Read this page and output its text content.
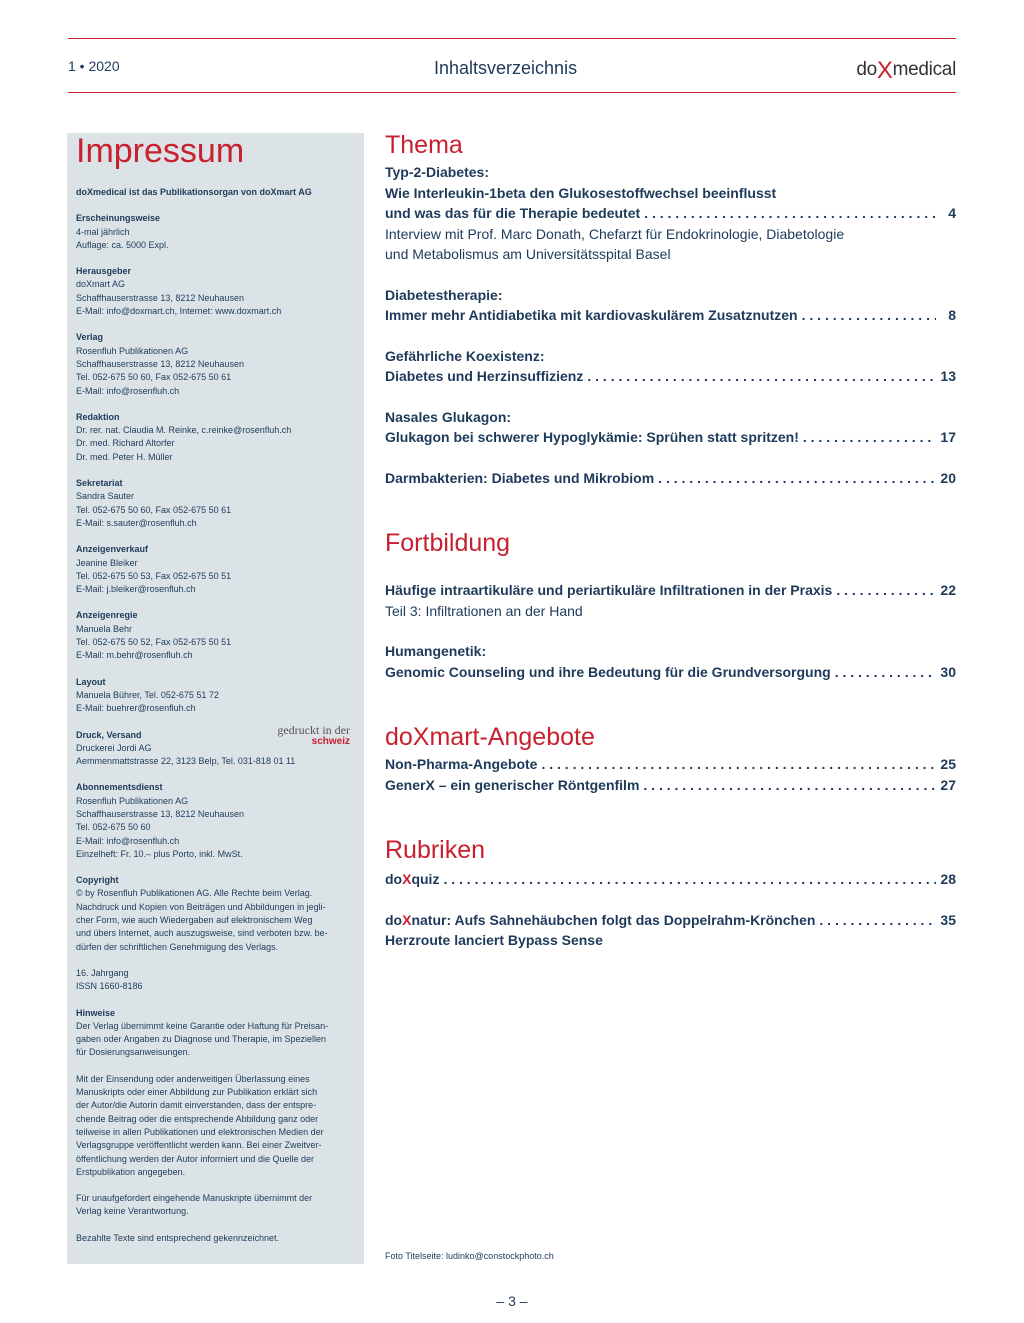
1 • 2020	Inhaltsverzeichnis	doXmedical
Impressum
doXmedical ist das Publikationsorgan von doXmart AG
Erscheinungsweise
4-mal jährlich
Auflage: ca. 5000 Expl.
Herausgeber
doXmart AG
Schaffhauserstrasse 13, 8212 Neuhausen
E-Mail: info@doxmart.ch, Internet: www.doxmart.ch
Verlag
Rosenfluh Publikationen AG
Schaffhauserstrasse 13, 8212 Neuhausen
Tel. 052-675 50 60, Fax 052-675 50 61
E-Mail: info@rosenfluh.ch
Redaktion
Dr. rer. nat. Claudia M. Reinke, c.reinke@rosenfluh.ch
Dr. med. Richard Altorfer
Dr. med. Peter H. Müller
Sekretariat
Sandra Sauter
Tel. 052-675 50 60, Fax 052-675 50 61
E-Mail: s.sauter@rosenfluh.ch
Anzeigenverkauf
Jeanine Bleiker
Tel. 052-675 50 53, Fax 052-675 50 51
E-Mail: j.bleiker@rosenfluh.ch
Anzeigenregie
Manuela Behr
Tel. 052-675 50 52, Fax 052-675 50 51
E-Mail: m.behr@rosenfluh.ch
Layout
Manuela Bührer, Tel. 052-675 51 72
E-Mail: buehrer@rosenfluh.ch
Druck, Versand
Druckerei Jordi AG
Aemmenmattstrasse 22, 3123 Belp, Tel. 031-818 01 11
Abonnementsdienst
Rosenfluh Publikationen AG
Schaffhauserstrasse 13, 8212 Neuhausen
Tel. 052-675 50 60
E-Mail: info@rosenfluh.ch
Einzelheft: Fr. 10.– plus Porto, inkl. MwSt.
Copyright
© by Rosenfluh Publikationen AG. Alle Rechte beim Verlag.
Nachdruck und Kopien von Beiträgen und Abbildungen in jegli-
cher Form, wie auch Wiedergaben auf elektronischem Weg
und übers Internet, auch auszugsweise, sind verboten bzw. be-
dürfen der schriftlichen Genehmigung des Verlags.
16. Jahrgang
ISSN 1660-8186
Hinweise
Der Verlag übernimmt keine Garantie oder Haftung für Preisan-
gaben oder Angaben zu Diagnose und Therapie, im Speziellen
für Dosierungsanweisungen.
Mit der Einsendung oder anderweitigen Überlassung eines
Manuskripts oder einer Abbildung zur Publikation erklärt sich
der Autor/die Autorin damit einverstanden, dass der entspre-
chende Beitrag oder die entsprechende Abbildung ganz oder
teilweise in allen Publikationen und elektronischen Medien der
Verlagsgruppe veröffentlicht werden kann. Bei einer Zweitver-
öffentlichung werden der Autor informiert und die Quelle der
Erstpublikation angegeben.
Für unaufgefordert eingehende Manuskripte übernimmt der
Verlag keine Verantwortung.
Bezahlte Texte sind entsprechend gekennzeichnet.
gedruckt in der
schweiz
Thema
Typ-2-Diabetes:
Wie Interleukin-1beta den Glukosestoffwechsel beeinflusst
und was das für die Therapie bedeutet . . .	4
Interview mit Prof. Marc Donath, Chefarzt für Endokrinologie, Diabetologie
und Metabolismus am Universitätsspital Basel
Diabetestherapie:
Immer mehr Antidiabetika mit kardiovaskulärem Zusatznutzen . . .	8
Gefährliche Koexistenz:
Diabetes und Herzinsuffizienz . . .	13
Nasales Glukagon:
Glukagon bei schwerer Hypoglykämie: Sprühen statt spritzen! . . .	17
Darmbakterien: Diabetes und Mikrobiom . . .	20
Fortbildung
Häufige intraartikuläre und periartikuläre Infiltrationen in der Praxis . . .	22
Teil 3: Infiltrationen an der Hand
Humangenetik:
Genomic Counseling und ihre Bedeutung für die Grundversorgung . . .	30
doXmart-Angebote
Non-Pharma-Angebote . . .	25
GenerX – ein generischer Röntgenfilm . . .	27
Rubriken
doXquiz . . .	28
doXnatur: Aufs Sahnehäubchen folgt das Doppelrahm-Krönchen . . .	35
Herzroute lanciert Bypass Sense
Foto Titelseite: ludinko@constockphoto.ch
– 3 –
